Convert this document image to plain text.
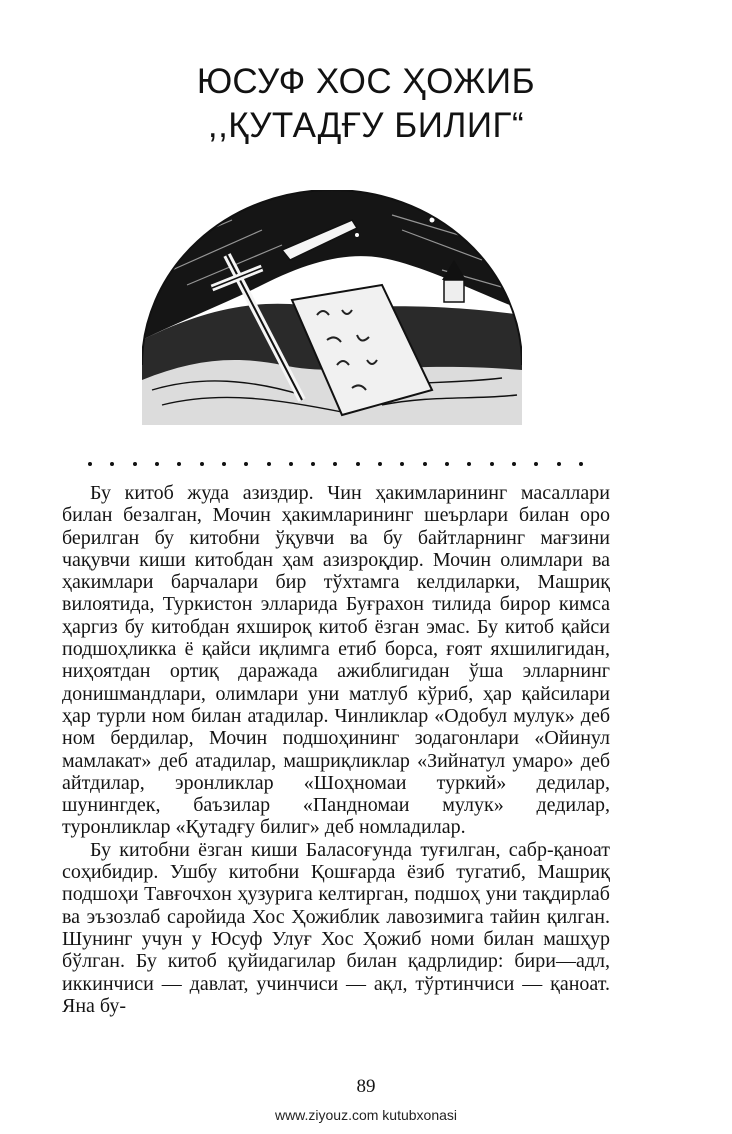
ЮСУФ ХОС ҲОЖИБ
,,ҚУТАДҒУ БИЛИГ“

Бу китоб жуда азиздир. Чин ҳакимларининг масаллари билан безалган, Мочин ҳакимларининг шеърлари билан оро берилган бу китобни ўқувчи ва бу байтларнинг мағзини чақувчи киши китобдан ҳам азизроқдир. Мочин олимлари ва ҳакимлари барчалари бир тўхтамга келдиларки, Машриқ вилоятида, Туркистон элларида Буғрахон тилида бирор кимса ҳаргиз бу китобдан яхшироқ китоб ёзган эмас. Бу китоб қайси подшоҳликка ё қайси иқлимга етиб борса, ғоят яхшилигидан, ниҳоятдан ортиқ даражада ажиблигидан ўша элларнинг донишмандлари, олимлари уни матлуб кўриб, ҳар қайсилари ҳар турли ном билан атадилар. Чинликлар «Одобул мулук» деб ном бердилар, Мочин подшоҳининг зодагонлари «Ойинул мамлакат» деб атадилар, машриқликлар «Зийнатул умаро» деб айтдилар, эронликлар «Шоҳномаи туркий» дедилар, шунингдек, баъзилар «Пандномаи мулук» дедилар, туронликлар «Қутадғу билиг» деб номладилар.

Бу китобни ёзган киши Баласоғунда туғилган, сабр-қаноат соҳибидир. Ушбу китобни Қошғарда ёзиб тугатиб, Машриқ подшоҳи Тавғочхон ҳузурига келтирган, подшоҳ уни тақдирлаб ва эъзозлаб саройида Хос Ҳожиблик лавозимига тайин қилган. Шунинг учун у Юсуф Улуғ Хос Ҳожиб номи билан машҳур бўлган. Бу китоб қуйидагилар билан қадрлидир: бири—адл, иккинчиси — давлат, учинчиси — ақл, тўртинчиси — қаноат. Яна бу-

89
www.ziyouz.com kutubxonasi
